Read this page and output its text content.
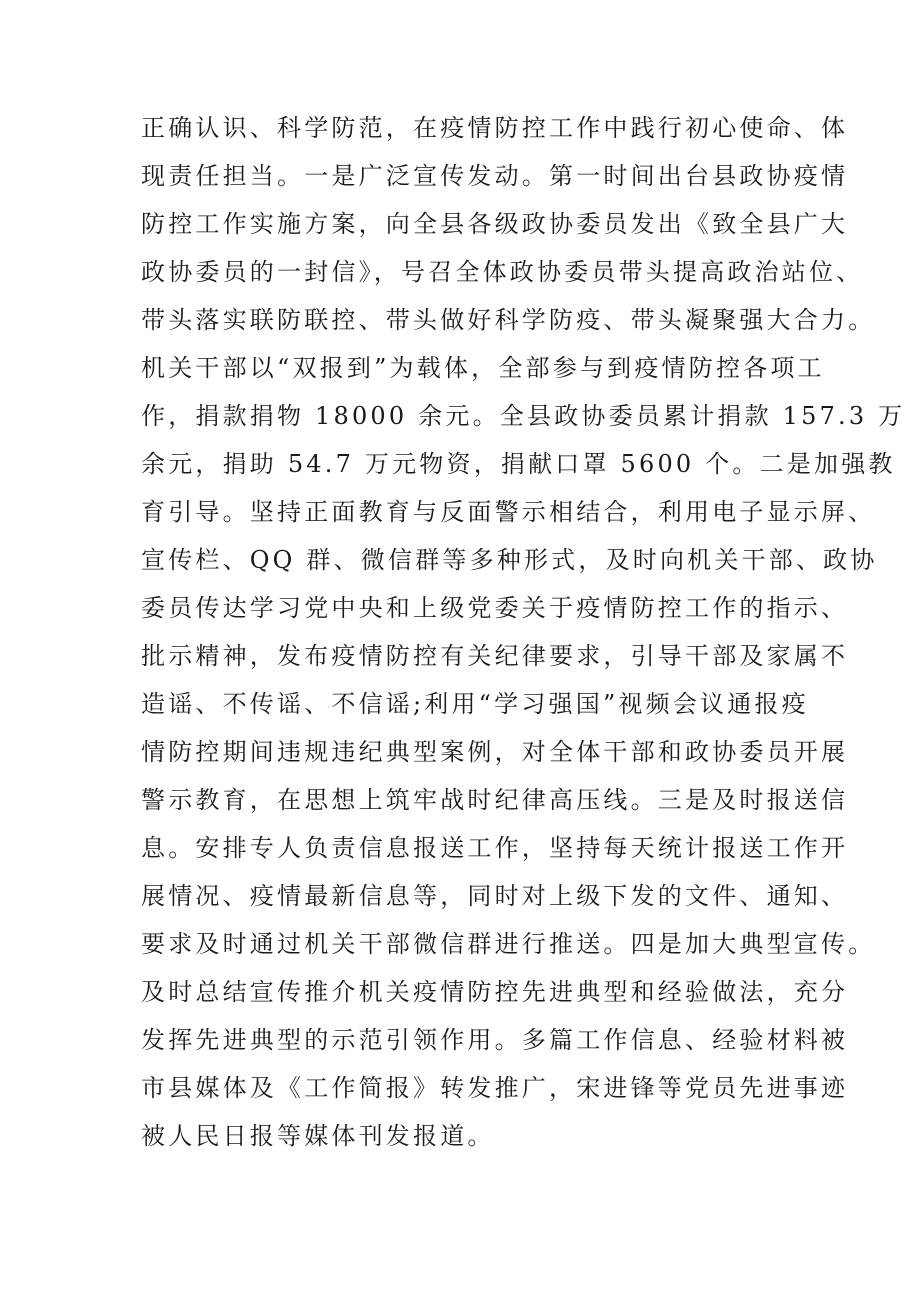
正确认识、科学防范，在疫情防控工作中践行初心使命、体
现责任担当。一是广泛宣传发动。第一时间出台县政协疫情
防控工作实施方案，向全县各级政协委员发出《致全县广大
政协委员的一封信》，号召全体政协委员带头提高政治站位、
带头落实联防联控、带头做好科学防疫、带头凝聚强大合力。
机关干部以“双报到”为载体，全部参与到疫情防控各项工
作，捐款捐物 18000 余元。全县政协委员累计捐款 157.3 万
余元，捐助 54.7 万元物资，捐献口罩 5600 个。二是加强教
育引导。坚持正面教育与反面警示相结合，利用电子显示屏、
宣传栏、QQ 群、微信群等多种形式，及时向机关干部、政协
委员传达学习党中央和上级党委关于疫情防控工作的指示、
批示精神，发布疫情防控有关纪律要求，引导干部及家属不
造谣、不传谣、不信谣;利用“学习强国”视频会议通报疫
情防控期间违规违纪典型案例，对全体干部和政协委员开展
警示教育，在思想上筑牢战时纪律高压线。三是及时报送信
息。安排专人负责信息报送工作，坚持每天统计报送工作开
展情况、疫情最新信息等，同时对上级下发的文件、通知、
要求及时通过机关干部微信群进行推送。四是加大典型宣传。
及时总结宣传推介机关疫情防控先进典型和经验做法，充分
发挥先进典型的示范引领作用。多篇工作信息、经验材料被
市县媒体及《工作简报》转发推广，宋进锋等党员先进事迹
被人民日报等媒体刊发报道。
